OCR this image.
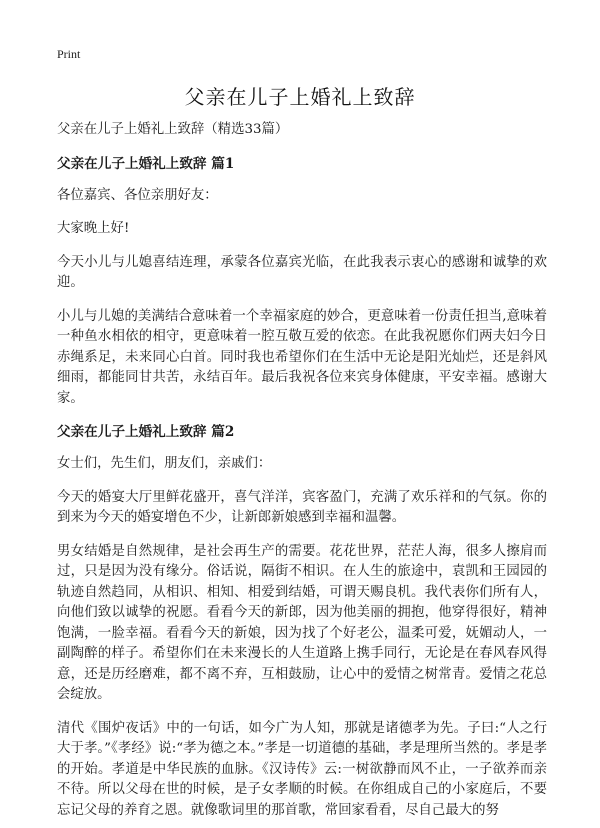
Print
父亲在儿子上婚礼上致辞

父亲在儿子上婚礼上致辞（精选33篇）

父亲在儿子上婚礼上致辞 篇1

各位嘉宾、各位亲朋好友：

大家晚上好!

今天小儿与儿媳喜结连理，承蒙各位嘉宾光临，在此我表示衷心的感谢和诚挚的欢迎。

小儿与儿媳的美满结合意味着一个幸福家庭的妙合，更意味着一份责任担当,意味着一种鱼水相依的相守，更意味着一腔互敬互爱的依恋。在此我祝愿你们两夫妇今日赤绳系足，未来同心白首。同时我也希望你们在生活中无论是阳光灿烂，还是斜风细雨，都能同甘共苦，永结百年。最后我祝各位来宾身体健康，平安幸福。感谢大家。

父亲在儿子上婚礼上致辞 篇2

女士们，先生们，朋友们，亲戚们：

今天的婚宴大厅里鲜花盛开，喜气洋洋，宾客盈门，充满了欢乐祥和的气氛。你的到来为今天的婚宴增色不少，让新郎新娘感到幸福和温馨。

男女结婚是自然规律，是社会再生产的需要。花花世界，茫茫人海，很多人擦肩而过，只是因为没有缘分。俗话说，隔街不相识。在人生的旅途中，袁凯和王园园的轨迹自然趋同，从相识、相知、相爱到结婚，可谓天赐良机。我代表你们所有人，向他们致以诚挚的祝愿。看看今天的新郎，因为他美丽的拥抱，他穿得很好，精神饱满，一脸幸福。看看今天的新娘，因为找了个好老公，温柔可爱，妩媚动人，一副陶醉的样子。希望你们在未来漫长的人生道路上携手同行，无论是在春风春风得意，还是历经磨难，都不离不弃，互相鼓励，让心中的爱情之树常青。爱情之花总会绽放。

清代《围炉夜话》中的一句话，如今广为人知，那就是诸德孝为先。子曰:“人之行大于孝。”《孝经》说:“孝为德之本。”孝是一切道德的基础，孝是理所当然的。孝是孝的开始。孝道是中华民族的血脉。《汉诗传》云:一树欲静而风不止，一子欲养而亲不待。所以父母在世的时候，是子女孝顺的时候。在你组成自己的小家庭后，不要忘记父母的养育之恩。就像歌词里的那首歌，常回家看看，尽自己最大的努
